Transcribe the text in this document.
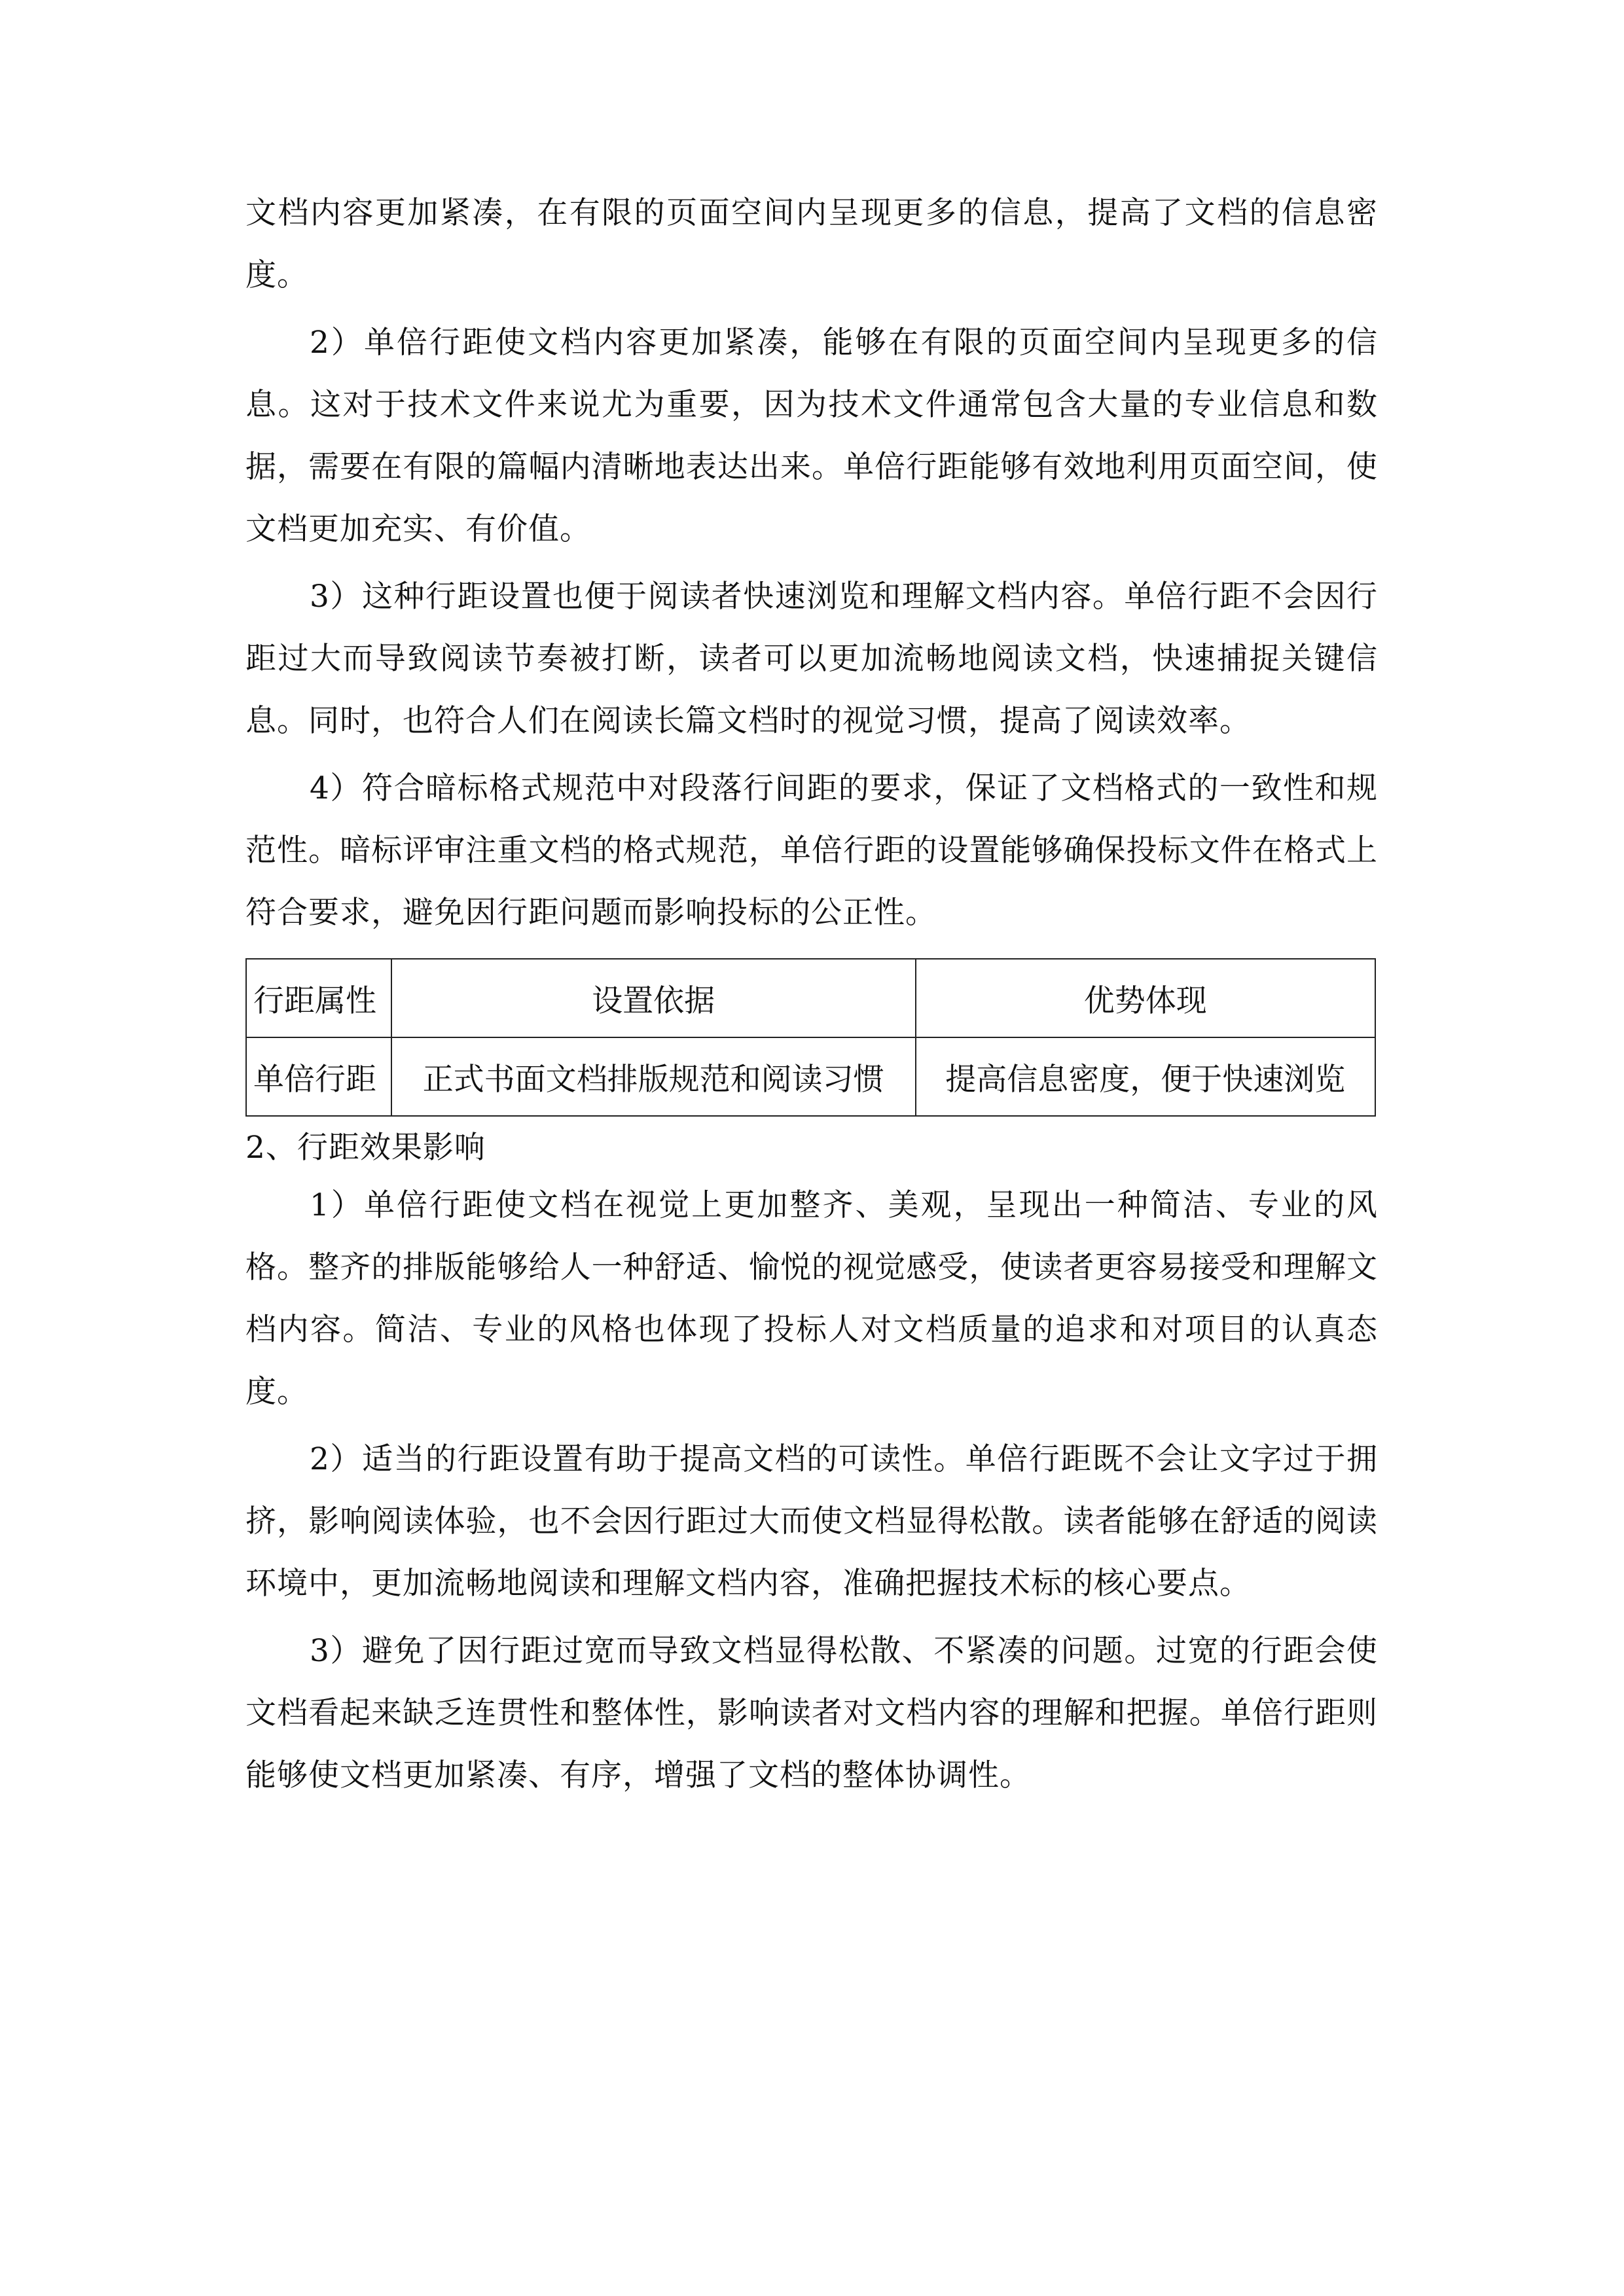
文档内容更加紧凑，在有限的页面空间内呈现更多的信息，提高了文档的信息密度。

2）单倍行距使文档内容更加紧凑，能够在有限的页面空间内呈现更多的信息。这对于技术文件来说尤为重要，因为技术文件通常包含大量的专业信息和数据，需要在有限的篇幅内清晰地表达出来。单倍行距能够有效地利用页面空间，使文档更加充实、有价值。

3）这种行距设置也便于阅读者快速浏览和理解文档内容。单倍行距不会因行距过大而导致阅读节奏被打断，读者可以更加流畅地阅读文档，快速捕捉关键信息。同时，也符合人们在阅读长篇文档时的视觉习惯，提高了阅读效率。

4）符合暗标格式规范中对段落行间距的要求，保证了文档格式的一致性和规范性。暗标评审注重文档的格式规范，单倍行距的设置能够确保投标文件在格式上符合要求，避免因行距问题而影响投标的公正性。

行距属性	设置依据	优势体现
单倍行距	正式书面文档排版规范和阅读习惯	提高信息密度，便于快速浏览

2、行距效果影响

1）单倍行距使文档在视觉上更加整齐、美观，呈现出一种简洁、专业的风格。整齐的排版能够给人一种舒适、愉悦的视觉感受，使读者更容易接受和理解文档内容。简洁、专业的风格也体现了投标人对文档质量的追求和对项目的认真态度。

2）适当的行距设置有助于提高文档的可读性。单倍行距既不会让文字过于拥挤，影响阅读体验，也不会因行距过大而使文档显得松散。读者能够在舒适的阅读环境中，更加流畅地阅读和理解文档内容，准确把握技术标的核心要点。

3）避免了因行距过宽而导致文档显得松散、不紧凑的问题。过宽的行距会使文档看起来缺乏连贯性和整体性，影响读者对文档内容的理解和把握。单倍行距则能够使文档更加紧凑、有序，增强了文档的整体协调性。
